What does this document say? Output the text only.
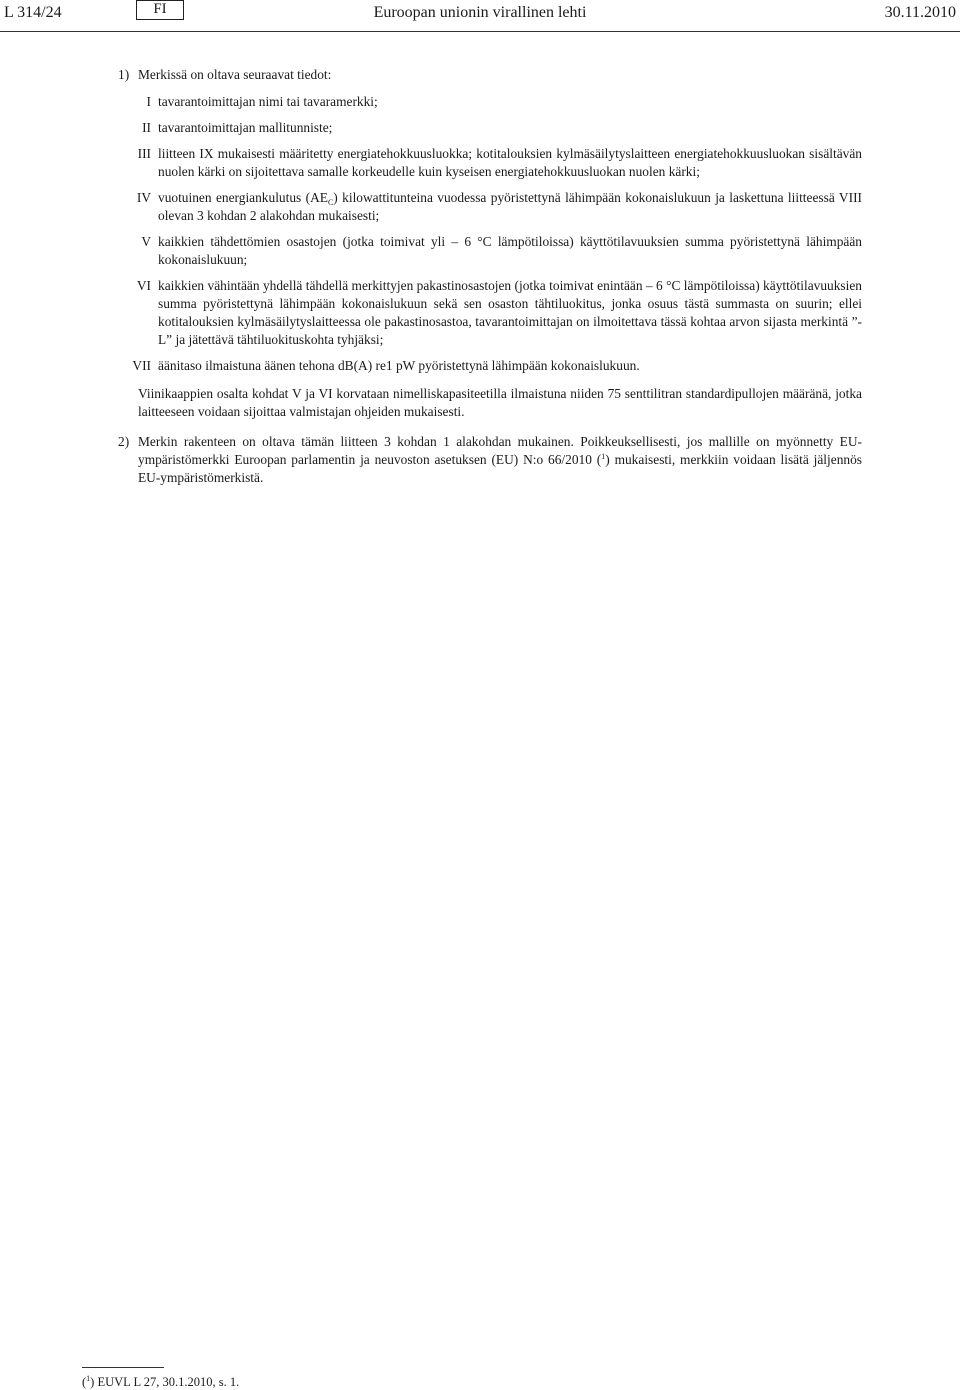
L 314/24	FI	Euroopan unionin virallinen lehti	30.11.2010
1) Merkissä on oltava seuraavat tiedot:
I tavarantoimittajan nimi tai tavaramerkki;
II tavarantoimittajan mallitunniste;
III liitteen IX mukaisesti määritetty energiatehokkuusluokka; kotitalouksien kylmäsäilytyslaitteen energiatehokkuusluokan sisältävän nuolen kärki on sijoitettava samalle korkeudelle kuin kyseisen energiatehokkuusluokan nuolen kärki;
IV vuotuinen energiankulutus $(AE_C)$ kilowattitunteina vuodessa pyöristettynä lähimpään kokonaislukuun ja laskettuna liitteessä VIII olevan 3 kohdan 2 alakohdan mukaisesti;
V kaikkien tähdettömien osastojen (jotka toimivat yli – 6 °C lämpötiloissa) käyttötilavuuksien summa pyöristettynä lähimpään kokonaislukuun;
VI kaikkien vähintään yhdellä tähdellä merkittyjen pakastinosastojen (jotka toimivat enintään – 6 °C lämpötiloissa) käyttötilavuuksien summa pyöristettynä lähimpään kokonaislukuun sekä sen osaston tähtiluokitus, jonka osuus tästä summasta on suurin; ellei kotitalouksien kylmäsäilytyslaitteessa ole pakastinosastoa, tavarantoimittajan on ilmoitettava tässä kohtaa arvon sijasta merkintä ”- L” ja jätettävä tähtiluokituskohta tyhjäksi;
VII äänitaso ilmaistuna äänen tehona dB(A) re1 pW pyöristettynä lähimpään kokonaislukuun.
Viinikaappien osalta kohdat V ja VI korvataan nimelliskapasiteetilla ilmaistuna niiden 75 senttilitran standardipullojen määränä, jotka laitteeseen voidaan sijoittaa valmistajan ohjeiden mukaisesti.
2) Merkin rakenteen on oltava tämän liitteen 3 kohdan 1 alakohdan mukainen. Poikkeuksellisesti, jos mallille on myönnetty EU-ympäristömerkki Euroopan parlamentin ja neuvoston asetuksen (EU) N:o 66/2010 ($^1$) mukaisesti, merkkiin voidaan lisätä jäljennös EU-ympäristömerkistä.
($^1$) EUVL L 27, 30.1.2010, s. 1.
